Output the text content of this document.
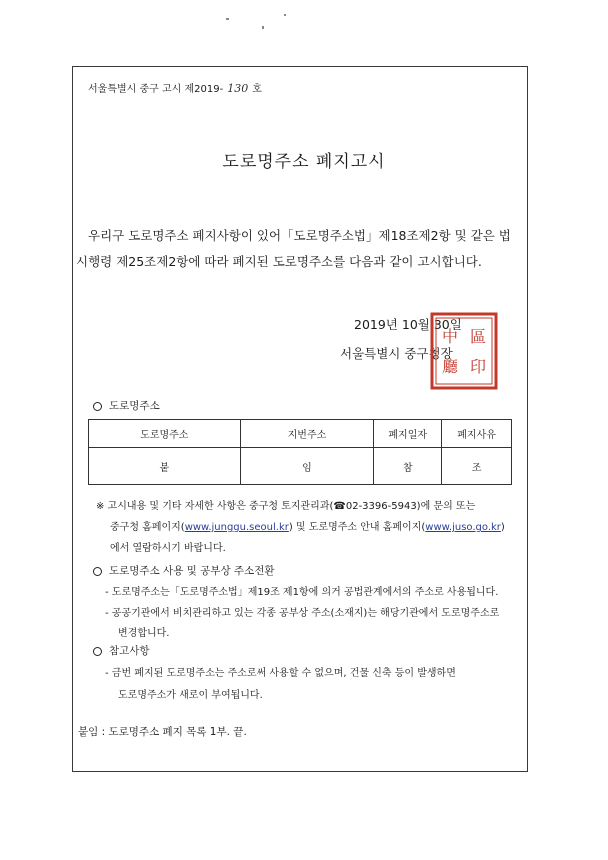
서울특별시 중구 고시 제2019- 130 호
도로명주소 폐지고시
우리구 도로명주소 폐지사항이 있어「도로명주소법」제18조제2항 및 같은 법
시행령 제25조제2항에 따라 폐지된 도로명주소를 다음과 같이 고시합니다.
2019년 10월 30일
서울특별시 중구청장
中 區
廳 印
도로명주소
도로명주소	지번주소	폐지일자	폐지사유
붙	임	참	조
※ 고시내용 및 기타 자세한 사항은 중구청 토지관리과(☎02-3396-5943)에 문의 또는
중구청 홈페이지(www.junggu.seoul.kr) 및 도로명주소 안내 홈페이지(www.juso.go.kr)
에서 열람하시기 바랍니다.
도로명주소 사용 및 공부상 주소전환
- 도로명주소는「도로명주소법」제19조 제1항에 의거 공법관계에서의 주소로 사용됩니다.
- 공공기관에서 비치관리하고 있는 각종 공부상 주소(소재지)는 해당기관에서 도로명주소로
변경합니다.
참고사항
- 금번 폐지된 도로명주소는 주소로써 사용할 수 없으며, 건물 신축 등이 발생하면
도로명주소가 새로이 부여됩니다.
붙임 : 도로명주소 폐지 목록 1부. 끝.
